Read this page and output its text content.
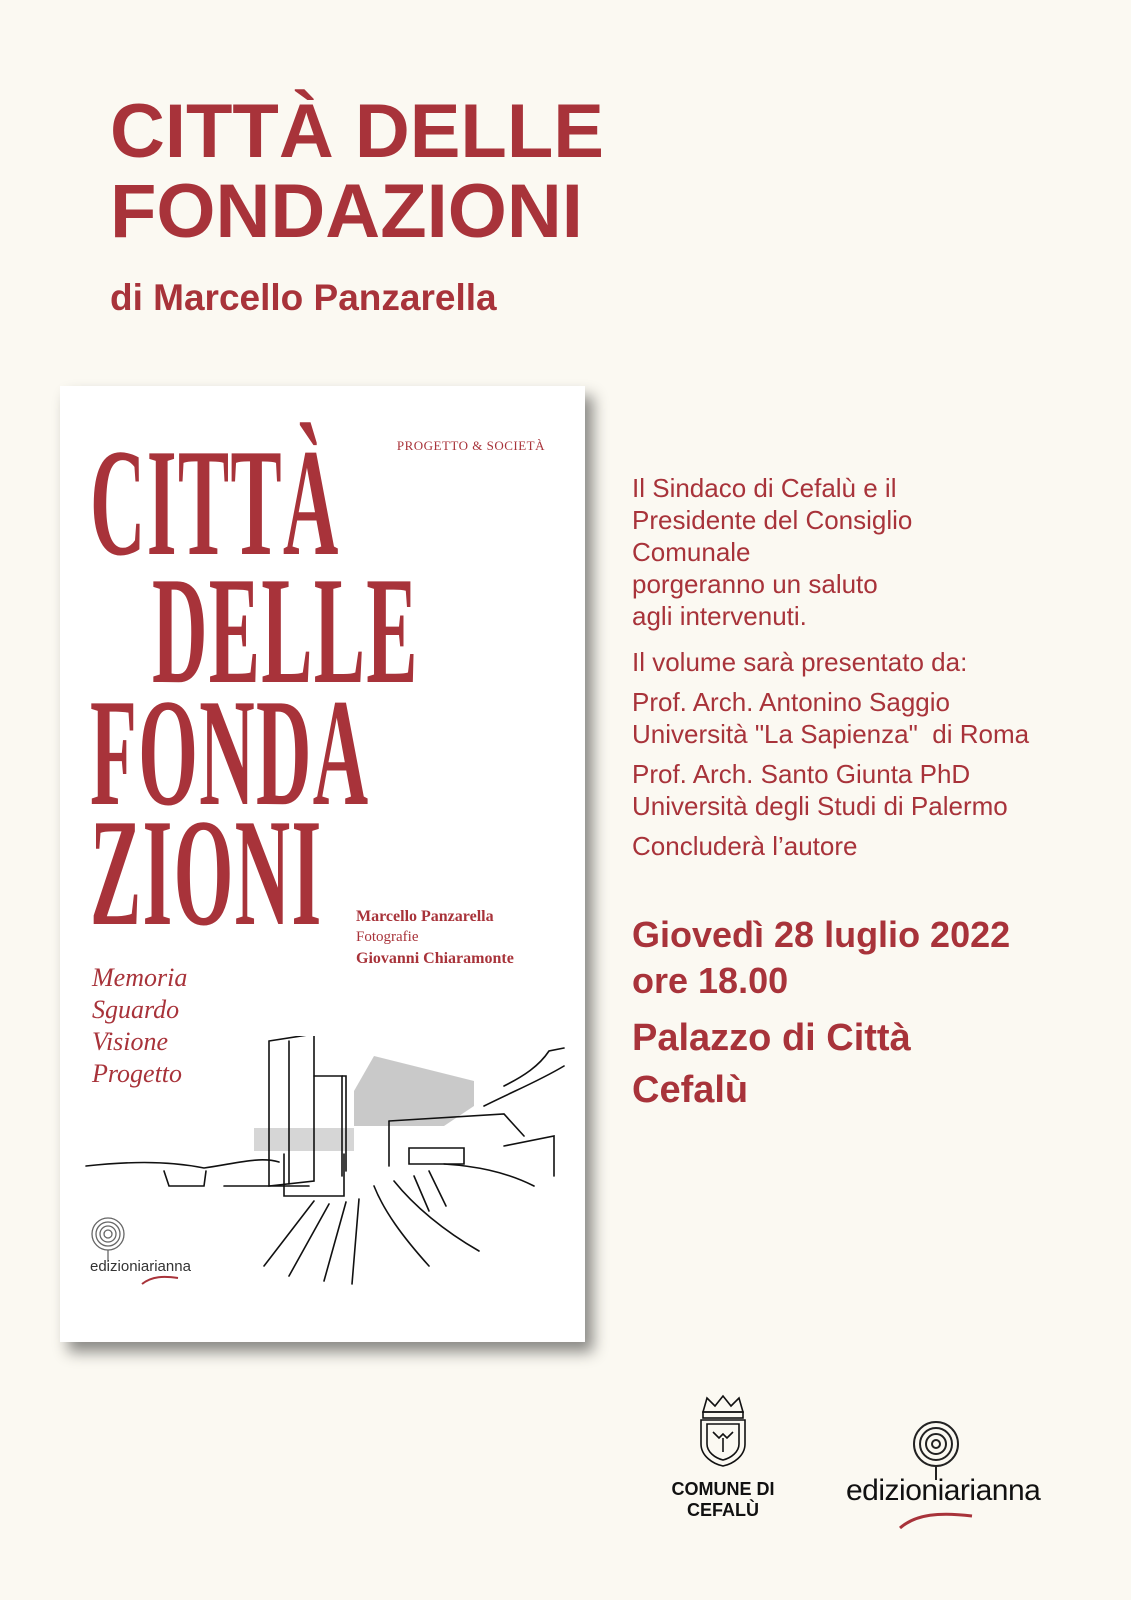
CITTÀ DELLE
FONDAZIONI
di Marcello Panzarella
PROGETTO & SOCIETÀ
CITTÀ
DELLE
FONDA
ZIONI Marcello Panzarella
Fotografie
Giovanni Chiaramonte
Memoria
Sguardo
Visione
Progetto
edizioniarianna

Il Sindaco di Cefalù e il

Presidente del Consiglio

Comunale

porgeranno un saluto

agli intervenuti.

Il volume sarà presentato da:

Prof. Arch. Antonino Saggio

Università "La Sapienza"  di Roma

Prof. Arch. Santo Giunta PhD

Università degli Studi di Palermo

Concluderà l’autore

Giovedì 28 luglio 2022
ore 18.00
Palazzo di Città
Cefalù
COMUNE DI CEFALÙ
edizioniarianna
